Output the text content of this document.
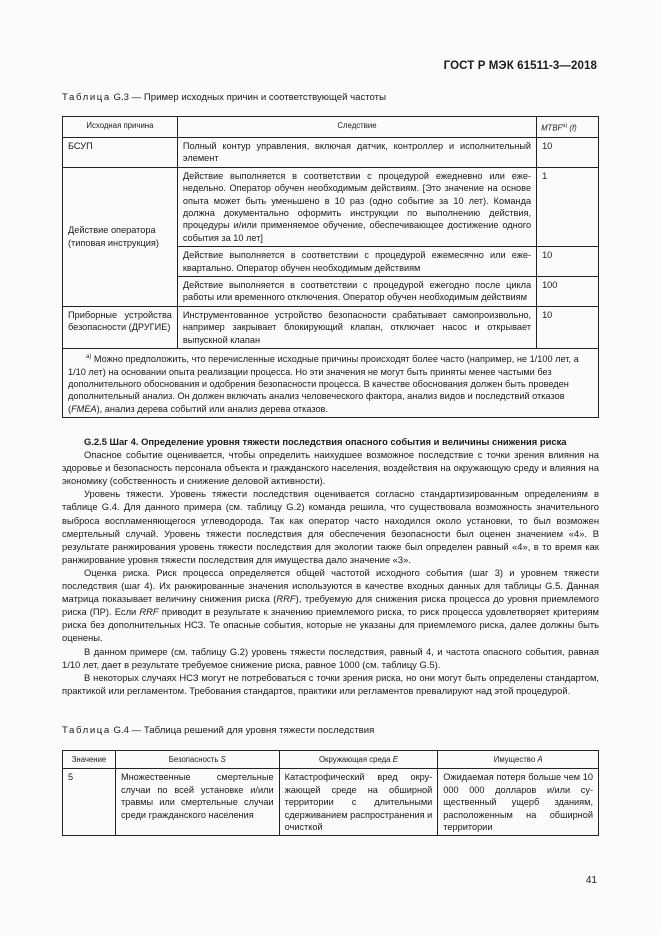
ГОСТ Р МЭК 61511-3—2018
Таблица G.3 — Пример исходных причин и соответствующей частоты
Исходная причина	Следствие	$MTBF^{а)}$ (f)
БСУП	Полный контур управления, включая датчик, контроллер и исполнительный элемент	10
Действие оператора (типовая инструкция)	Действие выполняется в соответствии с процедурой ежедневно или еженедельно. Оператор обучен необходимым действиям. [Это значение на основе опыта может быть уменьшено в 10 раз (одно событие за 10 лет). Команда должна документально оформить инструкции по выполнению действия, процедуры и/или применяемое обучение, обеспечивающее достижение одного события за 10 лет]	1
	Действие выполняется в соответствии с процедурой ежемесячно или ежеквартально. Оператор обучен необходимым действиям	10
	Действие выполняется в соответствии с процедурой ежегодно после цикла работы или временного отключения. Оператор обучен необходимым действиям	100
Приборные устройства безопасности (ДРУГИЕ)	Инструментованное устройство безопасности срабатывает самопроизвольно, например закрывает блокирующий клапан, отключает насос и открывает выпускной клапан	10
$^{а)}$ Можно предположить, что перечисленные исходные причины происходят более часто (например, не 1/100 лет, а 1/10 лет) на основании опыта реализации процесса. Но эти значения не могут быть приняты менее частыми без дополнительного обоснования и одобрения безопасности процесса. В качестве обоснования должен быть проведен дополнительный анализ. Он должен включать анализ человеческого фактора, анализ видов и последствий отказов (FMEA), анализ дерева событий или анализ дерева отказов.		

G.2.5 Шаг 4. Определение уровня тяжести последствия опасного события и величины снижения риска

Опасное событие оценивается, чтобы определить наихудшее возможное последствие с точки зрения влияния на здоровье и безопасность персонала объекта и гражданского населения, воздействия на окружающую среду и влияния на экономику (собственность и снижение деловой активности).

Уровень тяжести. Уровень тяжести последствия оценивается согласно стандартизированным определениям в таблице G.4. Для данного примера (см. таблицу G.2) команда решила, что существовала возможность значительного выброса воспламеняющегося углеводорода. Так как оператор часто находился около установки, то был возможен смертельный случай. Уровень тяжести последствия для обеспечения безопасности был оценен значением «4». В результате ранжирования уровень тяжести последствия для экологии также был определен равный «4», в то время как ранжирование уровня тяжести последствия для имущества дало значение «3».

Оценка риска. Риск процесса определяется общей частотой исходного события (шаг 3) и уровнем тяжести последствия (шаг 4). Их ранжированные значения используются в качестве входных данных для таблицы G.5. Данная матрица показывает величину снижения риска (RRF), требуемую для снижения риска процесса до уровня приемлемого риска (ПР). Если RRF приводит в результате к значению приемлемого риска, то риск процесса удовлетворяет критериям риска без дополнительных НСЗ. Те опасные события, которые не указаны для приемлемого риска, далее должны быть оценены.

В данном примере (см. таблицу G.2) уровень тяжести последствия, равный 4, и частота опасного события, равная 1/10 лет, дает в результате требуемое снижение риска, равное 1000 (см. таблицу G.5).

В некоторых случаях НСЗ могут не потребоваться с точки зрения риска, но они могут быть определены стандартом, практикой или регламентом. Требования стандартов, практики или регламентов превалируют над этой процедурой.

Таблица G.4 — Таблица решений для уровня тяжести последствия
Значение	Безопасность S	Окружающая среда E	Имущество A
5	Множественные смертельные случаи по всей установке и/или травмы или смертельные случаи среди гражданского населения	Катастрофический вред окружающей среде на обширной территории с длительными сдерживанием распространения и очисткой	Ожидаемая потеря больше чем 10 000 000 долларов и/или существенный ущерб зданиям, расположенным на обширной территории
41
